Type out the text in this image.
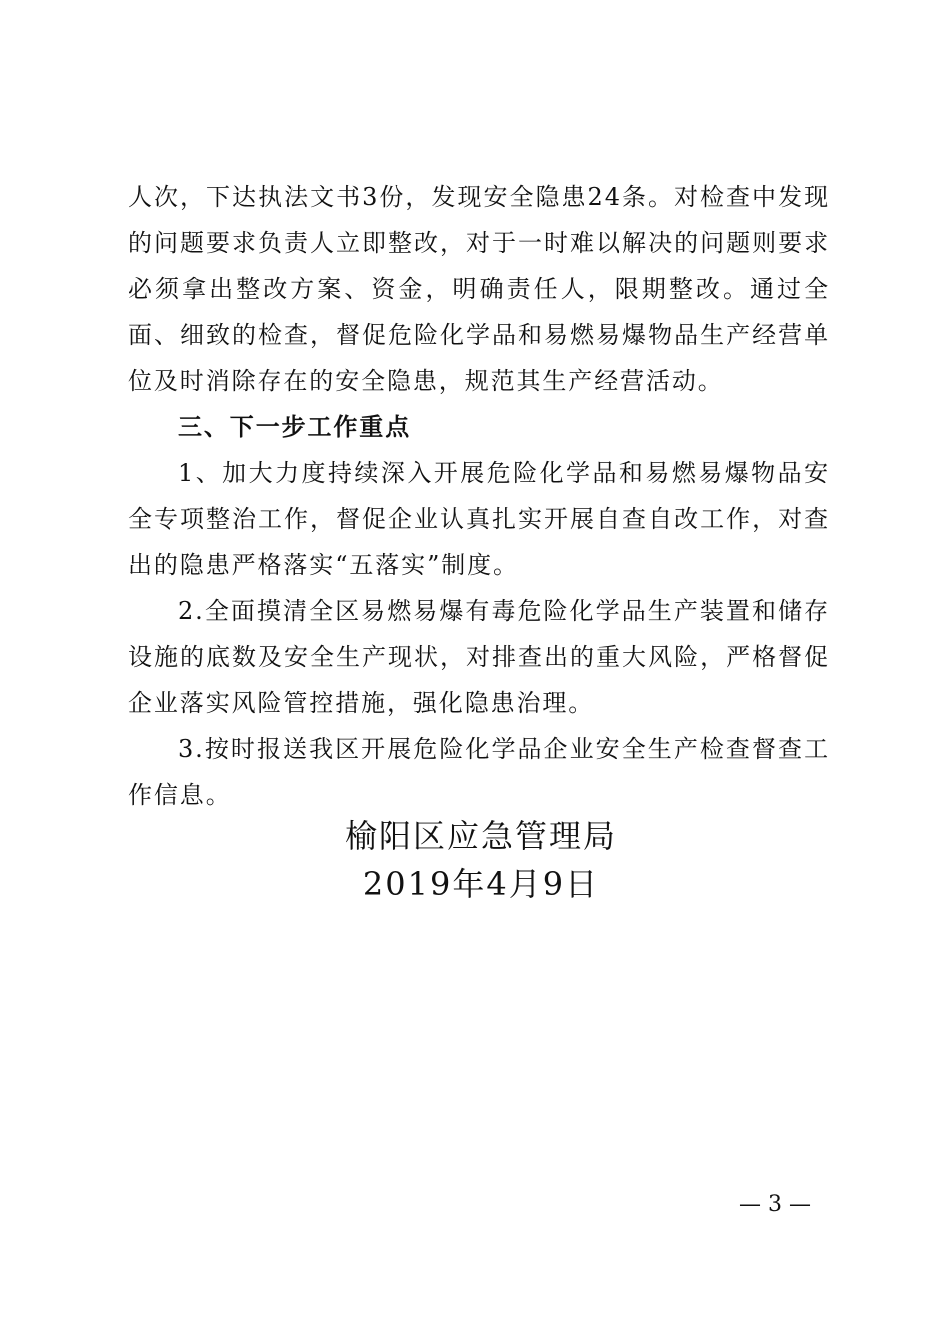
人次，下达执法文书3份，发现安全隐患24条。对检查中发现的问题要求负责人立即整改，对于一时难以解决的问题则要求必须拿出整改方案、资金，明确责任人，限期整改。通过全面、细致的检查，督促危险化学品和易燃易爆物品生产经营单位及时消除存在的安全隐患，规范其生产经营活动。

三、下一步工作重点

1、加大力度持续深入开展危险化学品和易燃易爆物品安全专项整治工作，督促企业认真扎实开展自查自改工作，对查出的隐患严格落实“五落实”制度。

2.全面摸清全区易燃易爆有毒危险化学品生产装置和储存设施的底数及安全生产现状，对排查出的重大风险，严格督促企业落实风险管控措施，强化隐患治理。

3.按时报送我区开展危险化学品企业安全生产检查督查工作信息。

榆阳区应急管理局
2019年4月9日
— 3 —
